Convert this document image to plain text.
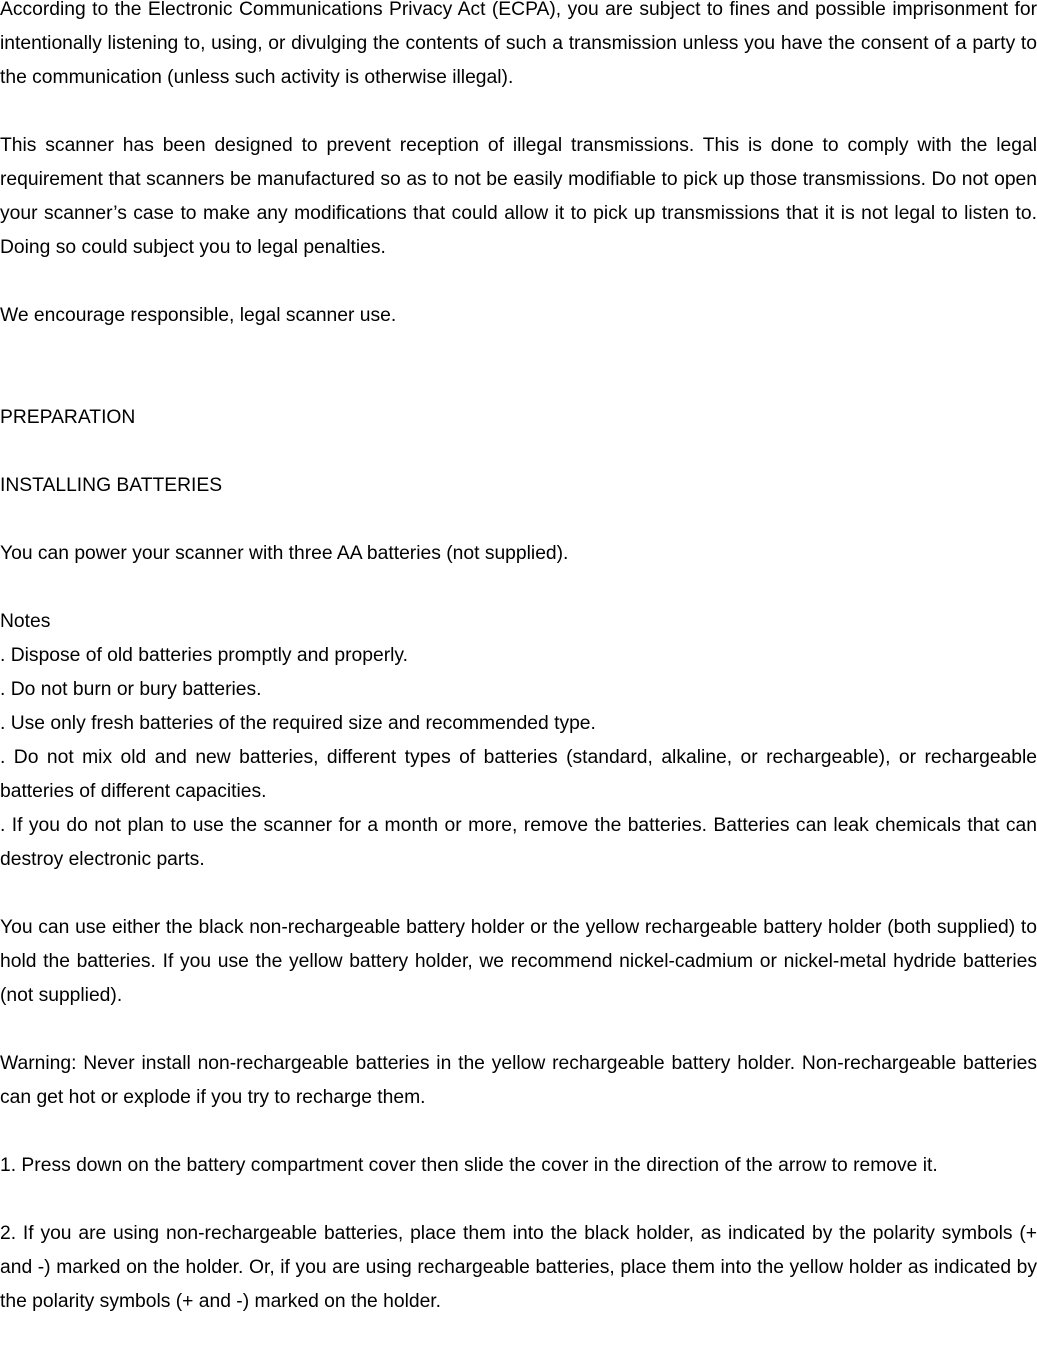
According to the Electronic Communications Privacy Act (ECPA), you are subject to fines and possible imprisonment for intentionally listening to, using, or divulging the contents of such a transmission unless you have the consent of a party to the communication (unless such activity is otherwise illegal).

This scanner has been designed to prevent reception of illegal transmissions. This is done to comply with the legal requirement that scanners be manufactured so as to not be easily modifiable to pick up those transmissions. Do not open your scanner’s case to make any modifications that could allow it to pick up transmissions that it is not legal to listen to. Doing so could subject you to legal penalties.

We encourage responsible, legal scanner use.

PREPARATION

INSTALLING BATTERIES

You can power your scanner with three AA batteries (not supplied).

Notes

. Dispose of old batteries promptly and properly.

. Do not burn or bury batteries.

. Use only fresh batteries of the required size and recommended type.

. Do not mix old and new batteries, different types of batteries (standard, alkaline, or rechargeable), or rechargeable batteries of different capacities.

. If you do not plan to use the scanner for a month or more, remove the batteries. Batteries can leak chemicals that can destroy electronic parts.

You can use either the black non-rechargeable battery holder or the yellow rechargeable battery holder (both supplied) to hold the batteries. If you use the yellow battery holder, we recommend nickel-cadmium or nickel-metal hydride batteries (not supplied).

Warning: Never install non-rechargeable batteries in the yellow rechargeable battery holder. Non-rechargeable batteries can get hot or explode if you try to recharge them.

1. Press down on the battery compartment cover then slide the cover in the direction of the arrow to remove it.

2. If you are using non-rechargeable batteries, place them into the black holder, as indicated by the polarity symbols (+ and -) marked on the holder. Or, if you are using rechargeable batteries, place them into the yellow holder as indicated by the polarity symbols (+ and -) marked on the holder.
